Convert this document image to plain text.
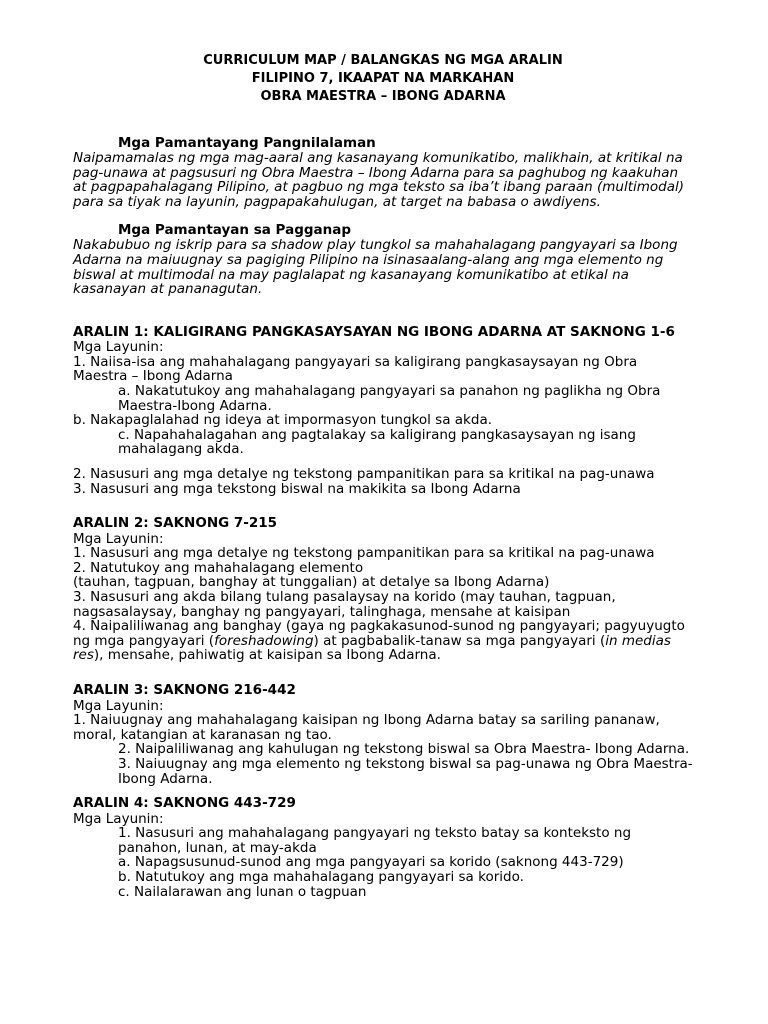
CURRICULUM MAP / BALANGKAS NG MGA ARALIN
FILIPINO 7, IKAAPAT NA MARKAHAN
OBRA MAESTRA – IBONG ADARNA
Mga Pamantayang Pangnilalaman
Naipamamalas ng mga mag-aaral ang kasanayang komunikatibo, malikhain, at kritikal na pag-unawa at pagsusuri ng Obra Maestra – Ibong Adarna para sa paghubog ng kaakuhan at pagpapahalagang Pilipino, at pagbuo ng mga teksto sa iba’t ibang paraan (multimodal) para sa tiyak na layunin, pagpapakahulugan, at target na babasa o awdiyens.
Mga Pamantayan sa Pagganap
Nakabubuo ng iskrip para sa shadow play tungkol sa mahahalagang pangyayari sa Ibong Adarna na maiuugnay sa pagiging Pilipino na isinasaalang-alang ang mga elemento ng biswal at multimodal na may paglalapat ng kasanayang komunikatibo at etikal na kasanayan at pananagutan.
ARALIN 1: KALIGIRANG PANGKASAYSAYAN NG IBONG ADARNA AT SAKNONG 1-6

Mga Layunin:

1. Naiisa-isa ang mahahalagang pangyayari sa kaligirang pangkasaysayan ng Obra Maestra – Ibong Adarna

a. Nakatutukoy ang mahahalagang pangyayari sa panahon ng paglikha ng Obra Maestra-Ibong Adarna.

b. Nakapaglalahad ng ideya at impormasyon tungkol sa akda.

c. Napahahalagahan ang pagtalakay sa kaligirang pangkasaysayan ng isang mahalagang akda.

2. Nasusuri ang mga detalye ng tekstong pampanitikan para sa kritikal na pag-unawa

3. Nasusuri ang mga tekstong biswal na makikita sa Ibong Adarna

ARALIN 2: SAKNONG 7-215

Mga Layunin:

1. Nasusuri ang mga detalye ng tekstong pampanitikan para sa kritikal na pag-unawa

2. Natutukoy ang mahahalagang elemento

(tauhan, tagpuan, banghay at tunggalian) at detalye sa Ibong Adarna)

3. Nasusuri ang akda bilang tulang pasalaysay na korido (may tauhan, tagpuan, nagsasalaysay, banghay ng pangyayari, talinghaga, mensahe at kaisipan

4. Naipaliliwanag ang banghay (gaya ng pagkakasunod-sunod ng pangyayari; pagyuyugto ng mga pangyayari (foreshadowing) at pagbabalik-tanaw sa mga pangyayari (in medias res), mensahe, pahiwatig at kaisipan sa Ibong Adarna.

ARALIN 3: SAKNONG 216-442

Mga Layunin:

1. Naiuugnay ang mahahalagang kaisipan ng Ibong Adarna batay sa sariling pananaw, moral, katangian at karanasan ng tao.

2. Naipaliliwanag ang kahulugan ng tekstong biswal sa Obra Maestra- Ibong Adarna.

3. Naiuugnay ang mga elemento ng tekstong biswal sa pag-unawa ng Obra Maestra- Ibong Adarna.

ARALIN 4: SAKNONG 443-729

Mga Layunin:

1. Nasusuri ang mahahalagang pangyayari ng teksto batay sa konteksto ng panahon, lunan, at may-akda

a. Napagsusunud-sunod ang mga pangyayari sa korido (saknong 443-729)

b. Natutukoy ang mga mahahalagang pangyayari sa korido.

c. Nailalarawan ang lunan o tagpuan
